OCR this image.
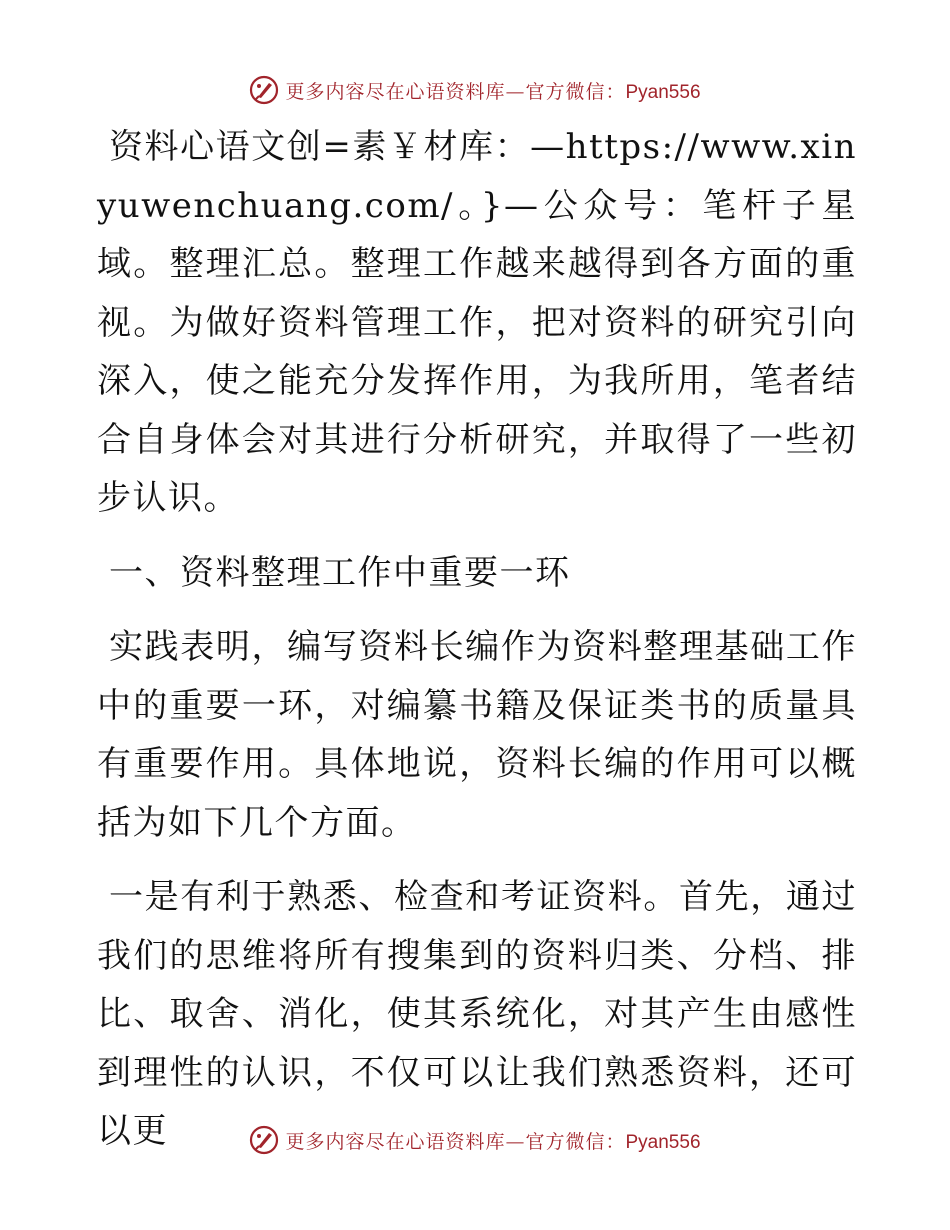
更多内容尽在心语资料库—官方微信：Pyan556

资料心语文创=素￥材库：—https://www.xinyuwenchuang.com/。}—公众号：笔杆子星域。整理汇总。整理工作越来越得到各方面的重视。为做好资料管理工作，把对资料的研究引向深入，使之能充分发挥作用，为我所用，笔者结合自身体会对其进行分析研究，并取得了一些初步认识。

一、资料整理工作中重要一环

实践表明，编写资料长编作为资料整理基础工作中的重要一环，对编纂书籍及保证类书的质量具有重要作用。具体地说，资料长编的作用可以概括为如下几个方面。

一是有利于熟悉、检查和考证资料。首先，通过我们的思维将所有搜集到的资料归类、分档、排比、取舍、消化，使其系统化，对其产生由感性到理性的认识，不仅可以让我们熟悉资料，还可以更	更多内容尽在心语资料库—官方微信：Pyan556
